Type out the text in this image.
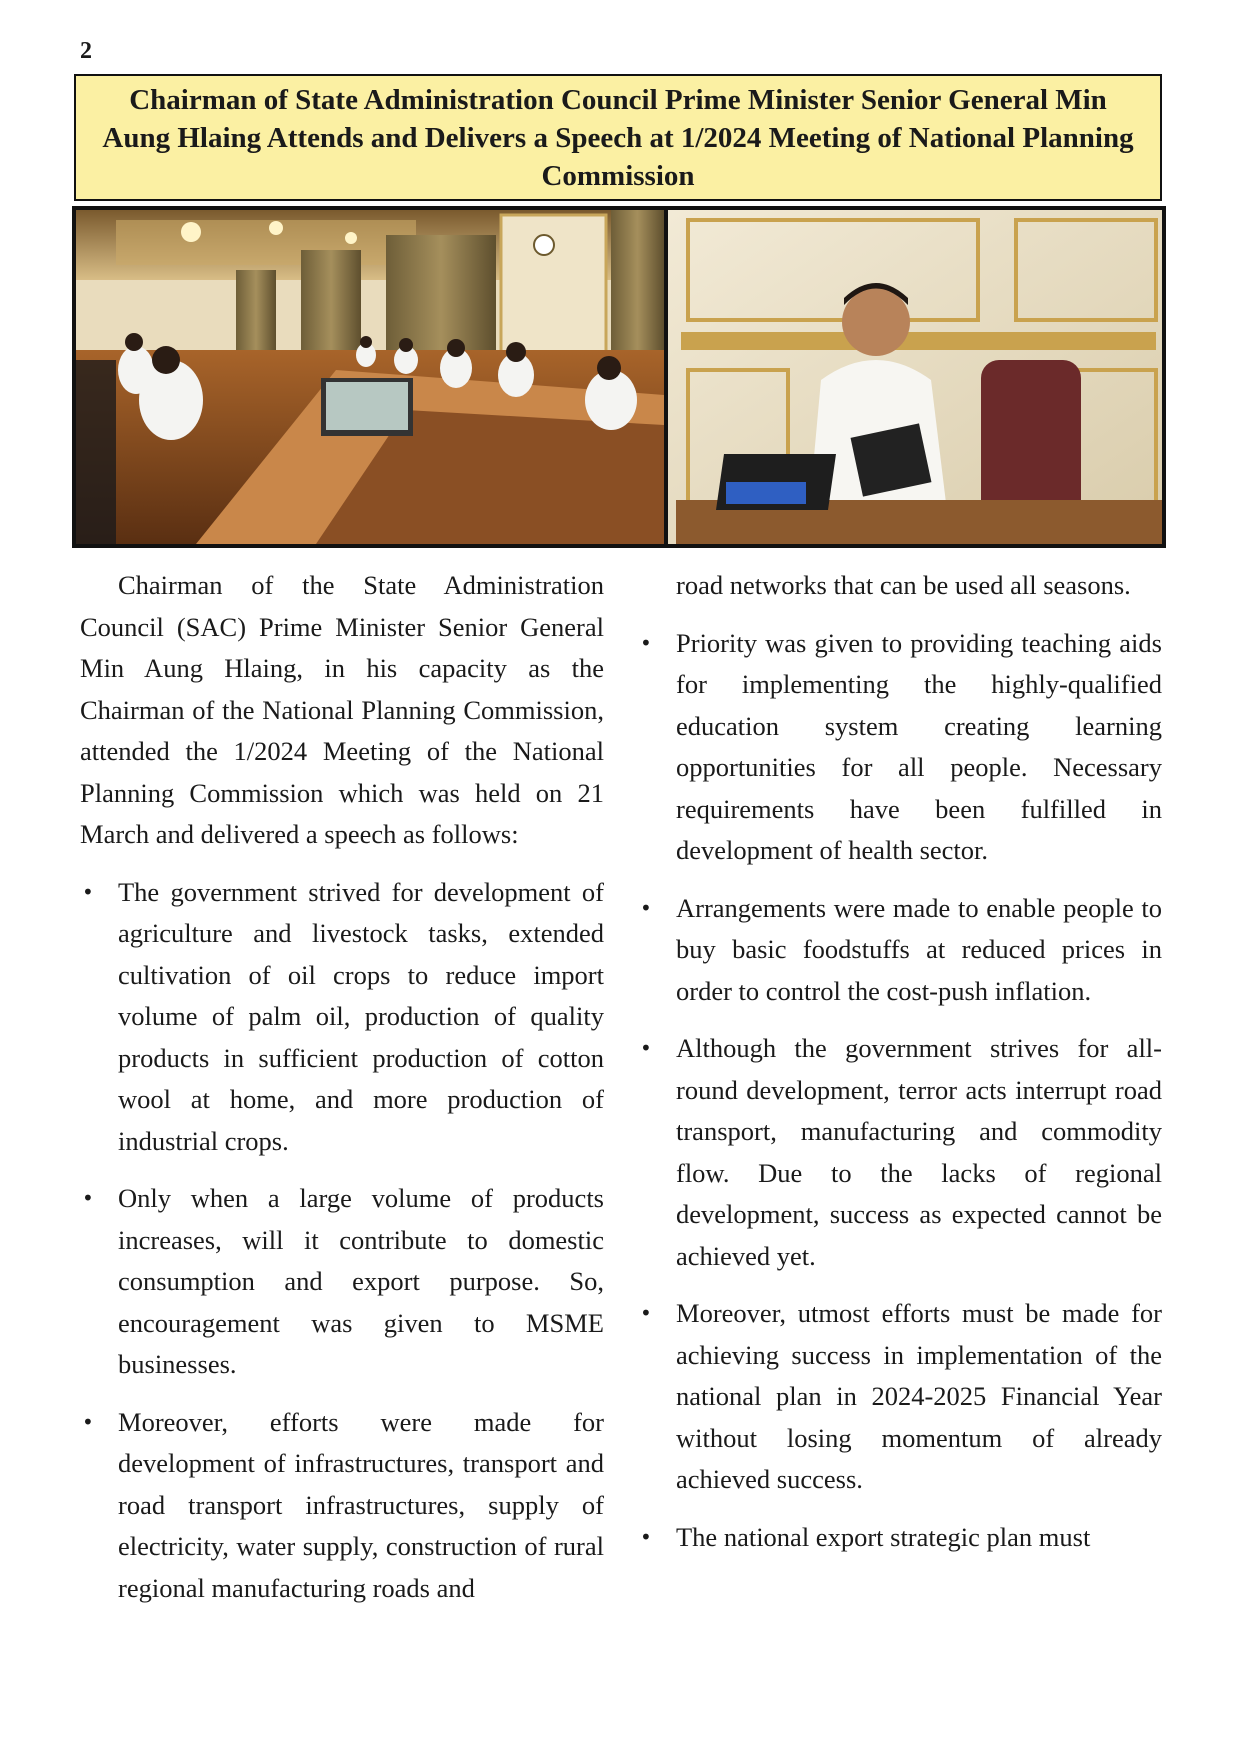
2
Chairman of State Administration Council Prime Minister Senior General Min Aung Hlaing Attends and Delivers a Speech at 1/2024 Meeting of National Planning Commission

Chairman of the State Administration Council (SAC) Prime Minister Senior General Min Aung Hlaing, in his capacity as the Chairman of the National Planning Commission, attended the 1/2024 Meeting of the National Planning Commission which was held on 21 March and delivered a speech as follows:

• The government strived for development of agriculture and livestock tasks, extended cultivation of oil crops to reduce import volume of palm oil, production of quality products in sufficient production of cotton wool at home, and more production of industrial crops.

• Only when a large volume of products increases, will it contribute to domestic consumption and export purpose. So, encouragement was given to MSME businesses.

• Moreover, efforts were made for development of infrastructures, transport and road transport infrastructures, supply of electricity, water supply, construction of rural regional manufacturing roads and

road networks that can be used all seasons.

• Priority was given to providing teaching aids for implementing the highly-qualified education system creating learning opportunities for all people. Necessary requirements have been fulfilled in development of health sector.

• Arrangements were made to enable people to buy basic foodstuffs at reduced prices in order to control the cost-push inflation.

• Although the government strives for all-round development, terror acts interrupt road transport, manufacturing and commodity flow. Due to the lacks of regional development, success as expected cannot be achieved yet.

• Moreover, utmost efforts must be made for achieving success in implementation of the national plan in 2024-2025 Financial Year without losing momentum of already achieved success.

• The national export strategic plan must
